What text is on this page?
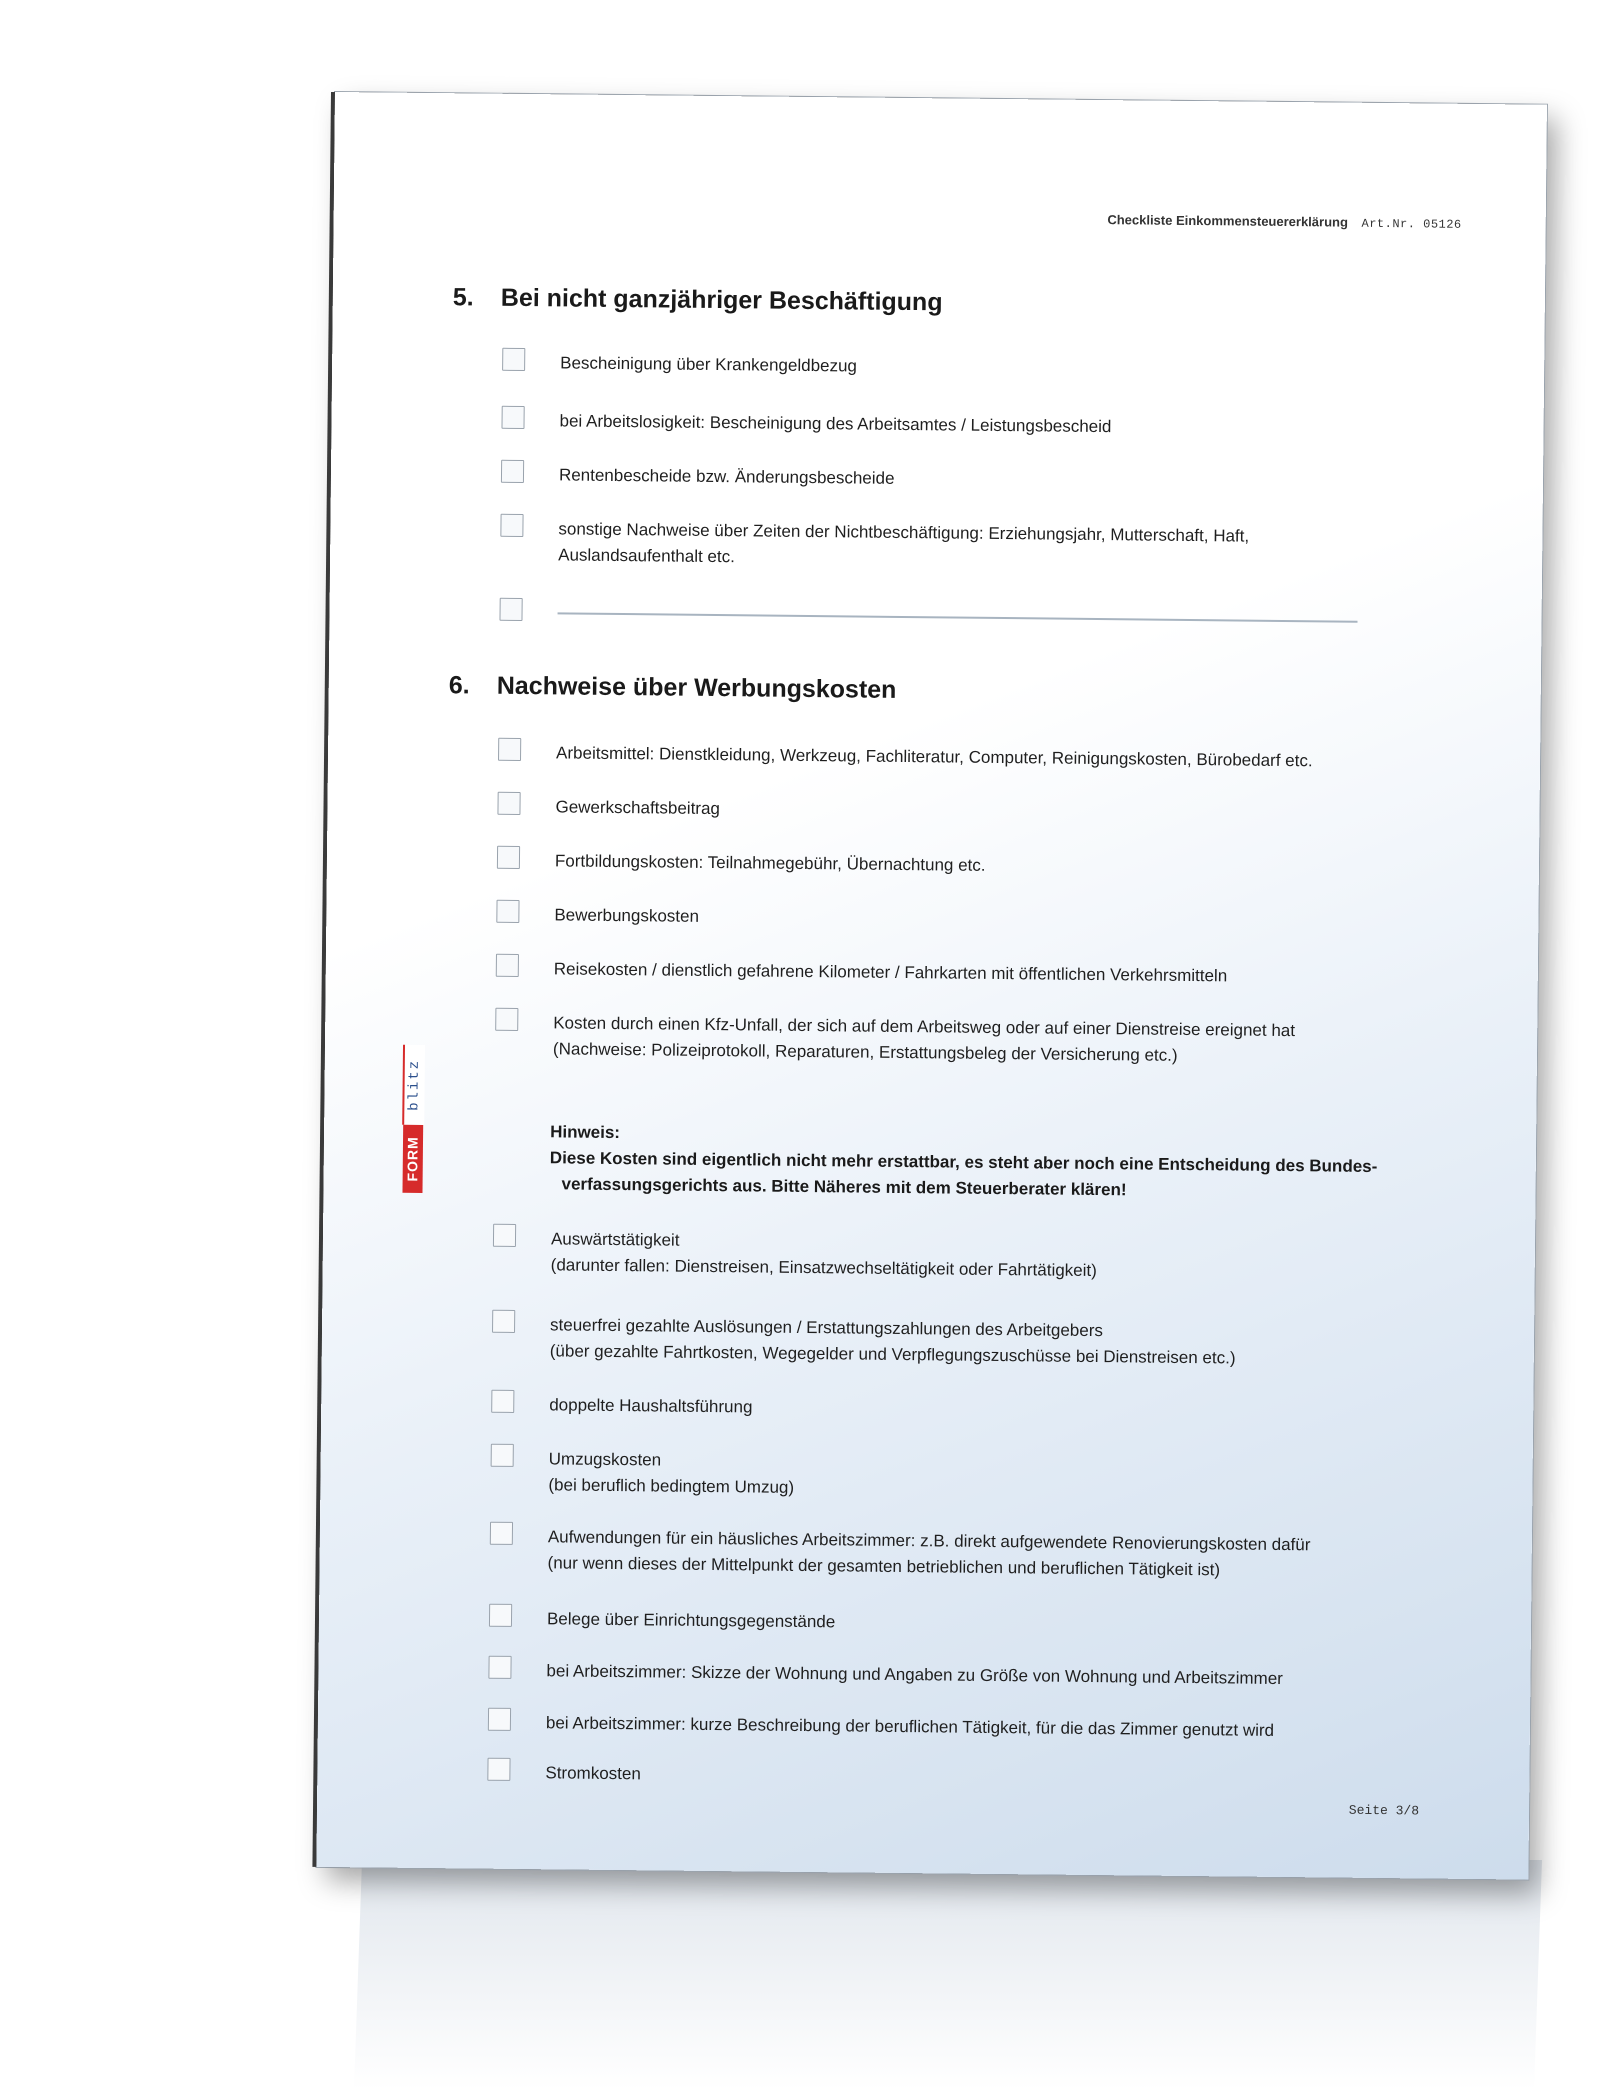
Checkliste Einkommensteuererklärung Art.Nr. 05126
FORM
blitz
5. Bei nicht ganzjähriger Beschäftigung
Bescheinigung über Krankengeldbezug
bei Arbeitslosigkeit: Bescheinigung des Arbeitsamtes / Leistungsbescheid
Rentenbescheide bzw. Änderungsbescheide
sonstige Nachweise über Zeiten der Nichtbeschäftigung: Erziehungsjahr, Mutterschaft, Haft,
Auslandsaufenthalt etc.
6. Nachweise über Werbungskosten
Arbeitsmittel: Dienstkleidung, Werkzeug, Fachliteratur, Computer, Reinigungskosten, Bürobedarf etc.
Gewerkschaftsbeitrag
Fortbildungskosten: Teilnahmegebühr, Übernachtung etc.
Bewerbungskosten
Reisekosten / dienstlich gefahrene Kilometer / Fahrkarten mit öffentlichen Verkehrsmitteln
Kosten durch einen Kfz-Unfall, der sich auf dem Arbeitsweg oder auf einer Dienstreise ereignet hat
(Nachweise: Polizeiprotokoll, Reparaturen, Erstattungsbeleg der Versicherung etc.)
Hinweis:
Diese Kosten sind eigentlich nicht mehr erstattbar, es steht aber noch eine Entscheidung des Bundes-
verfassungsgerichts aus. Bitte Näheres mit dem Steuerberater klären!
Auswärtstätigkeit
(darunter fallen: Dienstreisen, Einsatzwechseltätigkeit oder Fahrtätigkeit)
steuerfrei gezahlte Auslösungen / Erstattungszahlungen des Arbeitgebers
(über gezahlte Fahrtkosten, Wegegelder und Verpflegungszuschüsse bei Dienstreisen etc.)
doppelte Haushaltsführung
Umzugskosten
(bei beruflich bedingtem Umzug)
Aufwendungen für ein häusliches Arbeitszimmer: z.B. direkt aufgewendete Renovierungskosten dafür
(nur wenn dieses der Mittelpunkt der gesamten betrieblichen und beruflichen Tätigkeit ist)
Belege über Einrichtungsgegenstände
bei Arbeitszimmer: Skizze der Wohnung und Angaben zu Größe von Wohnung und Arbeitszimmer
bei Arbeitszimmer: kurze Beschreibung der beruflichen Tätigkeit, für die das Zimmer genutzt wird
Stromkosten
Seite 3/8
